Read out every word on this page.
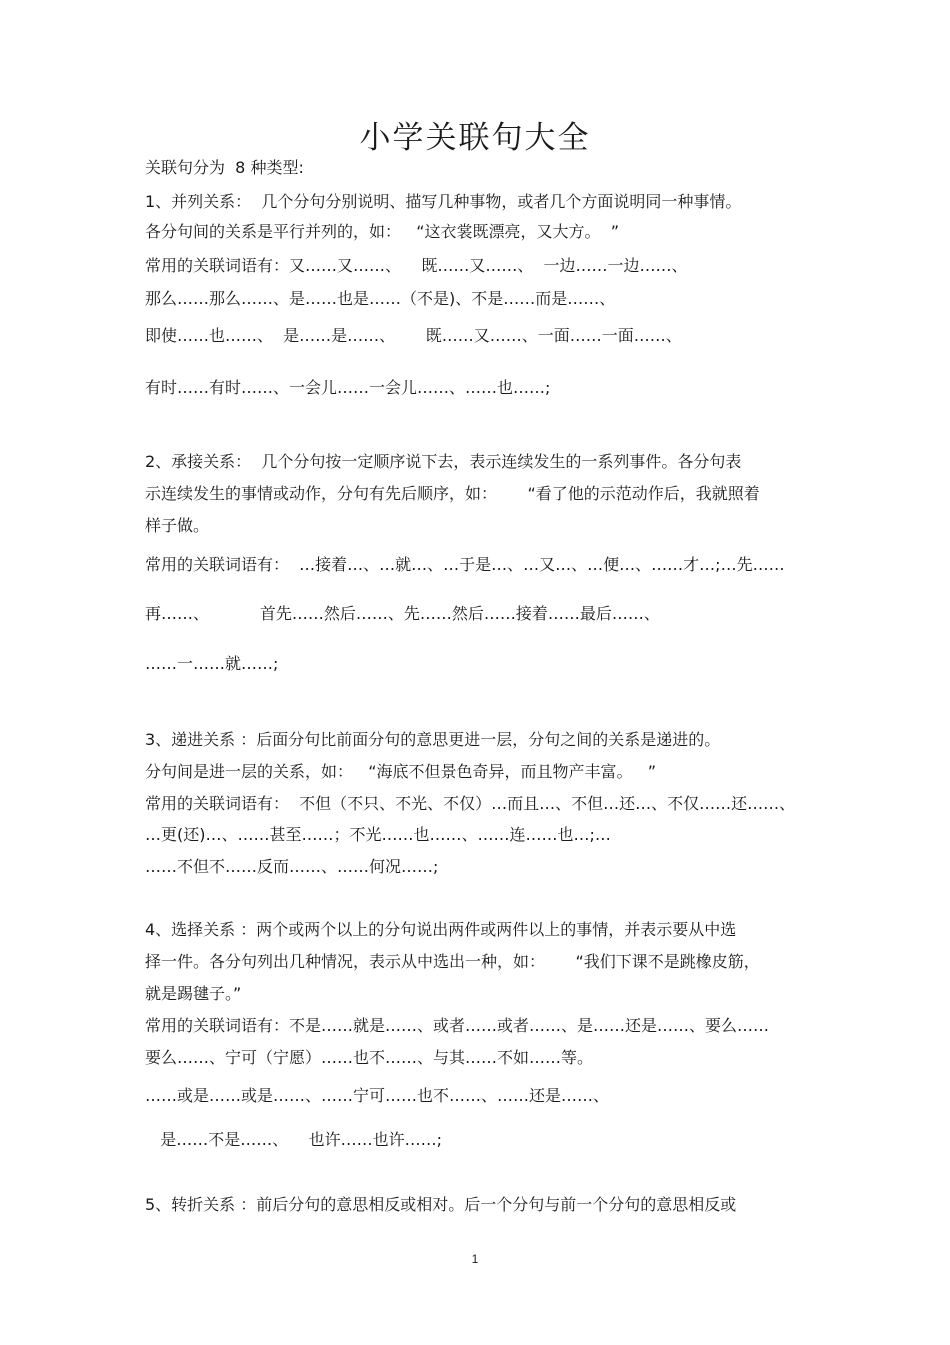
小学关联句大全
关联句分为  8 种类型:
1、并列关系：  几个分句分别说明、描写几种事物，或者几个方面说明同一种事情。
各分句间的关系是平行并列的，如：   “这衣裳既漂亮，又大方。  ”
常用的关联词语有：又……又……、    既……又……、  一边……一边……、
那么……那么……、是……也是……（不是)、不是……而是……、
即使……也……、  是……是……、      既……又……、一面……一面……、
有时……有时……、一会儿……一会儿……、……也……;
2、承接关系：  几个分句按一定顺序说下去，表示连续发生的一系列事件。各分句表
示连续发生的事情或动作，分句有先后顺序，如：      “看了他的示范动作后，我就照着
样子做。
常用的关联词语有：  …接着…、…就…、…于是…、…又…、…便…、……才…;…先……
再……、          首先……然后……、先……然后……接着……最后……、
……一……就……;
3、递进关系 ：后面分句比前面分句的意思更进一层，分句之间的关系是递进的。
分句间是进一层的关系，如：   “海底不但景色奇异，而且物产丰富。   ”
常用的关联词语有：  不但（不只、不光、不仅）…而且…、不但…还…、不仅……还……、
…更(还)…、……甚至……；不光……也……、……连……也…;…
……不但不……反而……、……何况……;
4、选择关系 ：两个或两个以上的分句说出两件或两件以上的事情，并表示要从中选
择一件。各分句列出几种情况，表示从中选出一种，如：      “我们下课不是跳橡皮筋，
就是踢毽子。”
常用的关联词语有：不是……就是……、或者……或者……、是……还是……、要么……
要么……、宁可（宁愿）……也不……、与其……不如……等。
……或是……或是……、……宁可……也不……、……还是……、
是……不是……、    也许……也许……;
5、转折关系 ：前后分句的意思相反或相对。后一个分句与前一个分句的意思相反或
1
